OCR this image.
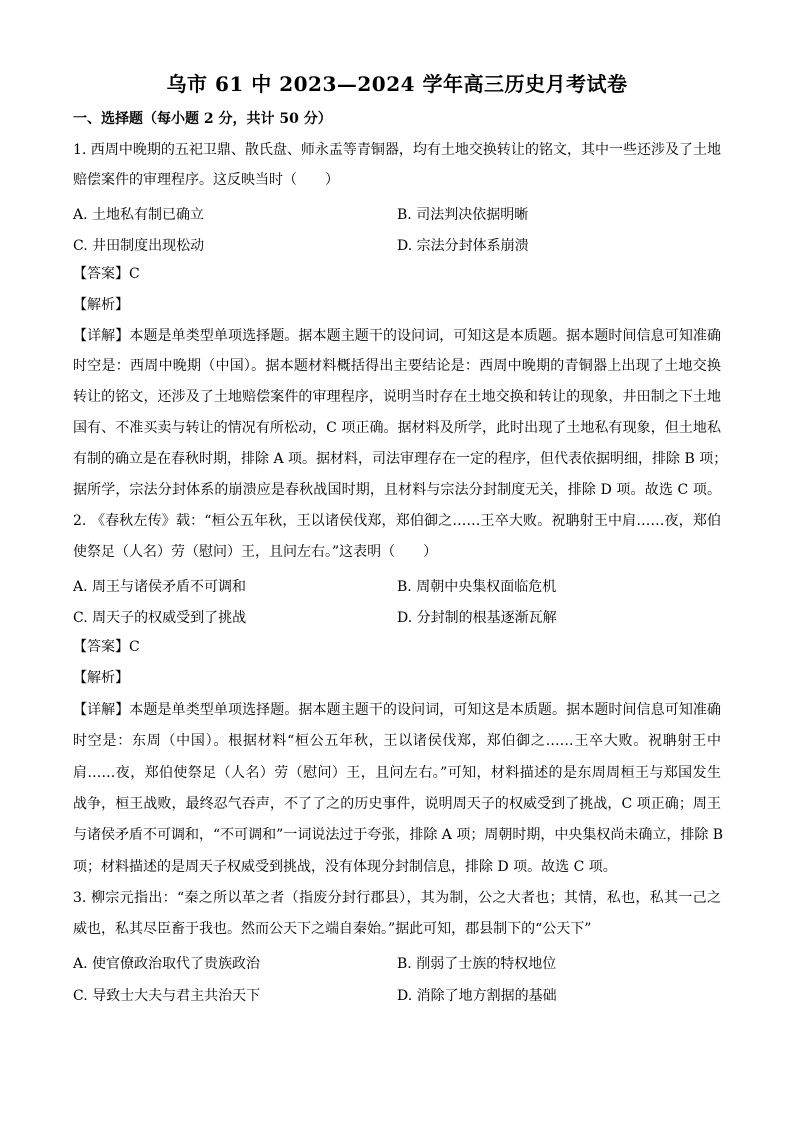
乌市 61 中 2023—2024 学年高三历史月考试卷
一、选择题（每小题 2 分，共计 50 分）
1. 西周中晚期的五祀卫鼎、散氏盘、师永盂等青铜器，均有土地交换转让的铭文，其中一些还涉及了土地
赔偿案件的审理程序。这反映当时（　　）
A. 土地私有制已确立	B. 司法判决依据明晰
C. 井田制度出现松动	D. 宗法分封体系崩溃
【答案】C
【解析】
【详解】本题是单类型单项选择题。据本题主题干的设问词，可知这是本质题。据本题时间信息可知准确
时空是：西周中晚期（中国）。据本题材料概括得出主要结论是：西周中晚期的青铜器上出现了土地交换
转让的铭文，还涉及了土地赔偿案件的审理程序，说明当时存在土地交换和转让的现象，井田制之下土地
国有、不准买卖与转让的情况有所松动，C 项正确。据材料及所学，此时出现了土地私有现象，但土地私
有制的确立是在春秋时期，排除 A 项。据材料，司法审理存在一定的程序，但代表依据明细，排除 B 项；
据所学，宗法分封体系的崩溃应是春秋战国时期，且材料与宗法分封制度无关，排除 D 项。故选 C 项。
2. 《春秋左传》载：“桓公五年秋，王以诸侯伐郑，郑伯御之……王卒大败。祝聃射王中肩……夜，郑伯
使祭足（人名）劳（慰问）王，且问左右。”这表明（　　）
A. 周王与诸侯矛盾不可调和	B. 周朝中央集权面临危机
C. 周天子的权威受到了挑战	D. 分封制的根基逐渐瓦解
【答案】C
【解析】
【详解】本题是单类型单项选择题。据本题主题干的设问词，可知这是本质题。据本题时间信息可知准确
时空是：东周（中国）。根据材料“桓公五年秋，王以诸侯伐郑，郑伯御之……王卒大败。祝聃射王中
肩……夜，郑伯使祭足（人名）劳（慰问）王，且问左右。”可知，材料描述的是东周周桓王与郑国发生
战争，桓王战败，最终忍气吞声，不了了之的历史事件，说明周天子的权威受到了挑战，C 项正确；周王
与诸侯矛盾不可调和，“不可调和”一词说法过于夸张，排除 A 项；周朝时期，中央集权尚未确立，排除 B
项；材料描述的是周天子权威受到挑战，没有体现分封制信息，排除 D 项。故选 C 项。
3. 柳宗元指出：“秦之所以革之者（指废分封行郡县），其为制，公之大者也；其情，私也，私其一己之
威也，私其尽臣畜于我也。然而公天下之端自秦始。”据此可知，郡县制下的“公天下”
A. 使官僚政治取代了贵族政治	B. 削弱了士族的特权地位
C. 导致士大夫与君主共治天下	D. 消除了地方割据的基础
